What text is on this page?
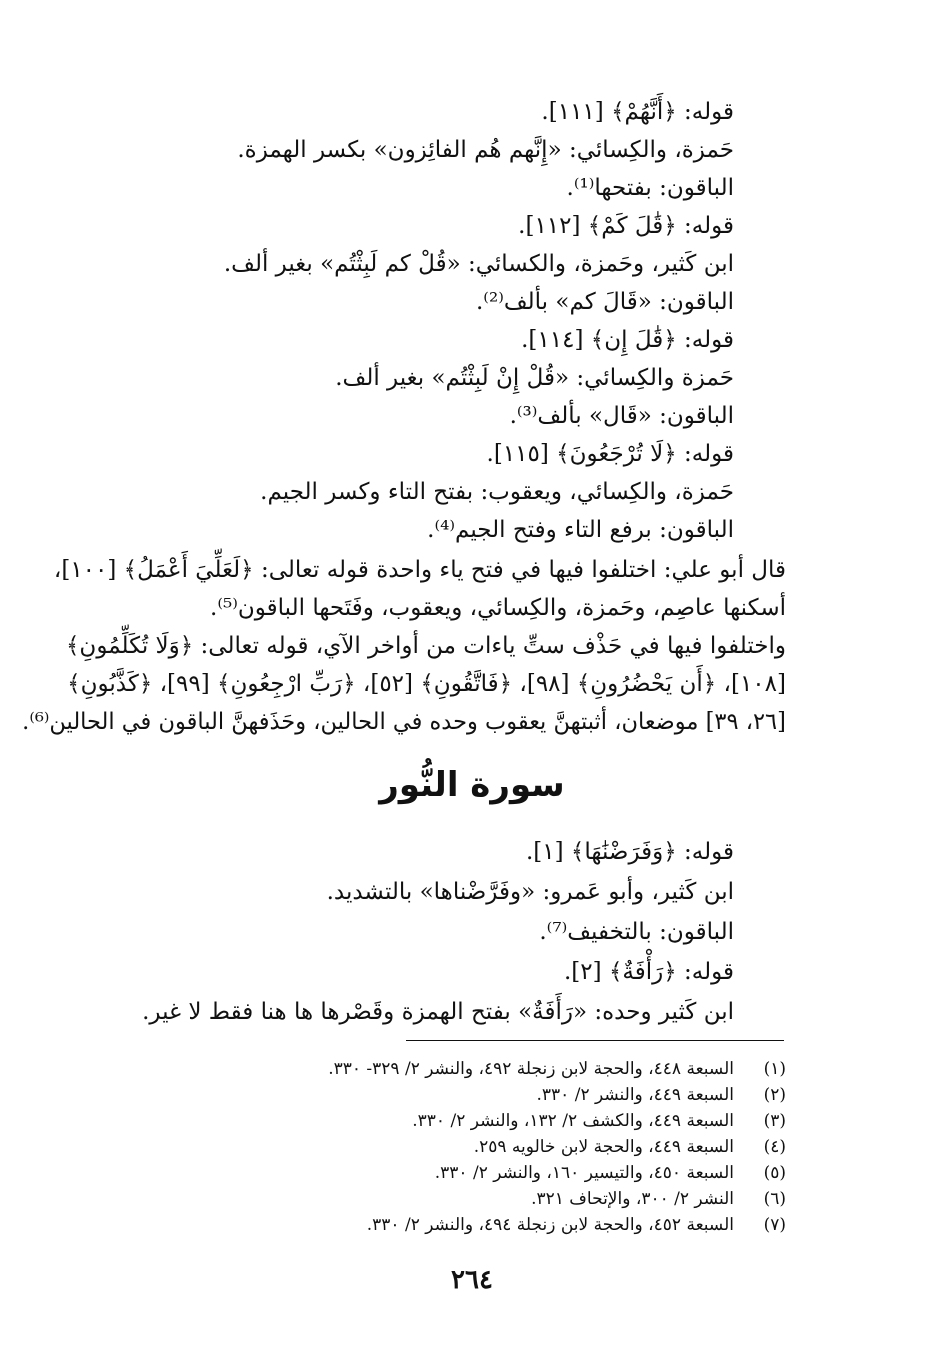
قوله: ﴿أَنَّهُمْ﴾ [١١١].
حَمزة، والكِسائي: «إِنَّهم هُم الفائِزون» بكسر الهمزة.
الباقون: بفتحها⁽¹⁾.
قوله: ﴿قَٰلَ كَمْ﴾ [١١٢].
ابن كَثير، وحَمزة، والكسائي: «قُلْ كم لَبِثْتُم» بغير ألف.
الباقون: «قَالَ كم» بألف⁽²⁾.
قوله: ﴿قَٰلَ إِن﴾ [١١٤].
حَمزة والكِسائي: «قُلْ إِنْ لَبِثْتُم» بغير ألف.
الباقون: «قَال» بألف⁽³⁾.
قوله: ﴿لَا تُرْجَعُونَ﴾ [١١٥].
حَمزة، والكِسائي، ويعقوب: بفتح التاء وكسر الجيم.
الباقون: برفع التاء وفتح الجيم⁽⁴⁾.
قال أبو علي: اختلفوا فيها في فتح ياء واحدة قوله تعالى: ﴿لَعَلِّيَ أَعْمَلُ﴾ [١٠٠]،
أسكنها عاصِم، وحَمزة، والكِسائي، ويعقوب، وفَتَحها الباقون⁽⁵⁾.
واختلفوا فيها في حَذْف ستِّ ياءات من أواخر الآي، قوله تعالى: ﴿وَلَا تُكَلِّمُونِ﴾
[١٠٨]، ﴿أَن يَحْضُرُونِ﴾ [٩٨]، ﴿فَاتَّقُونِ﴾ [٥٢]، ﴿رَبِّ ارْجِعُونِ﴾ [٩٩]، ﴿كَذَّبُونِ﴾
[٢٦، ٣٩] موضعان، أثبتهنَّ يعقوب وحده في الحالين، وحَذَفهنَّ الباقون في الحالين⁽⁶⁾.
سورة النُّور
قوله: ﴿وَفَرَضْنَٰهَا﴾ [١].
ابن كَثير، وأبو عَمرو: «وفَرَّضْناها» بالتشديد.
الباقون: بالتخفيف⁽⁷⁾.
قوله: ﴿رَأْفَةٌ﴾ [٢].
ابن كَثير وحده: «رَأَفَةٌ» بفتح الهمزة وقَصْرها ها هنا فقط لا غير.
(١)
السبعة ٤٤٨، والحجة لابن زنجلة ٤٩٢، والنشر ٢/ ٣٢٩- ٣٣٠.
(٢)
السبعة ٤٤٩، والنشر ٢/ ٣٣٠.
(٣)
السبعة ٤٤٩، والكشف ٢/ ١٣٢، والنشر ٢/ ٣٣٠.
(٤)
السبعة ٤٤٩، والحجة لابن خالويه ٢٥٩.
(٥)
السبعة ٤٥٠، والتيسير ١٦٠، والنشر ٢/ ٣٣٠.
(٦)
النشر ٢/ ٣٠٠، والإتحاف ٣٢١.
(٧)
السبعة ٤٥٢، والحجة لابن زنجلة ٤٩٤، والنشر ٢/ ٣٣٠.
٢٦٤
